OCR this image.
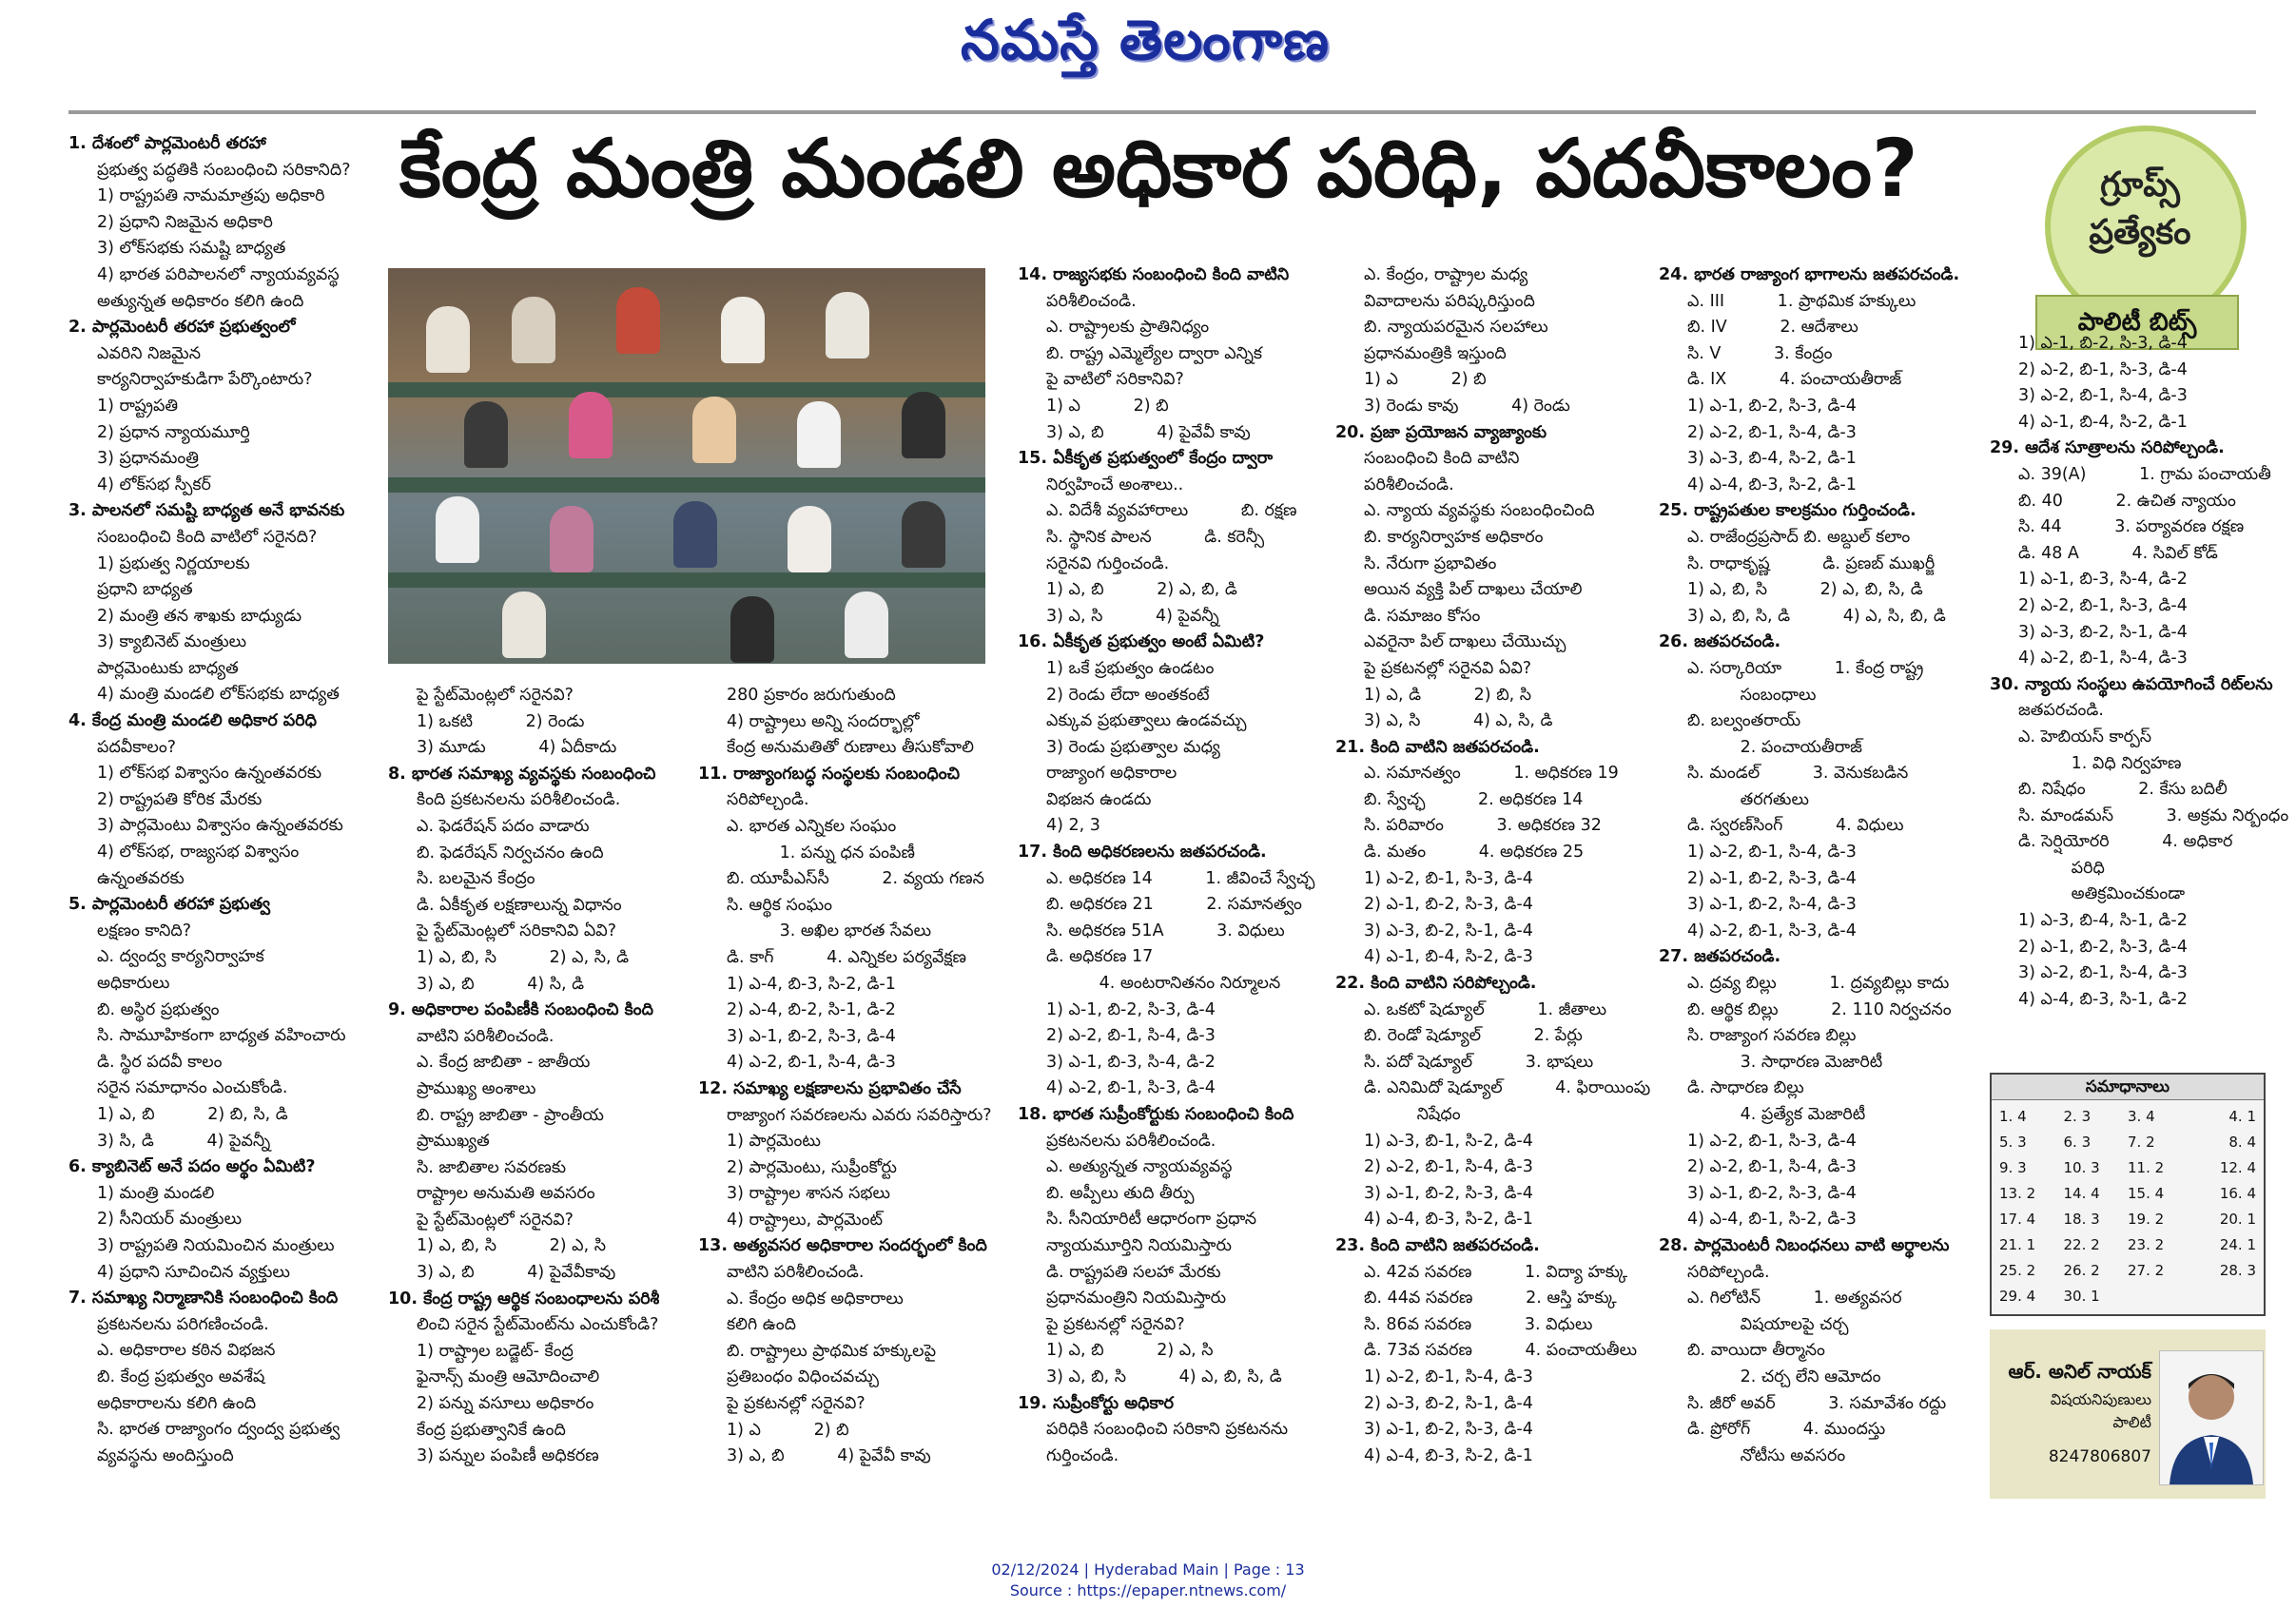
నమస్తే తెలంగాణ
కేంద్ర మంత్రి మండలి అధికార పరిధి, పదవీకాలం?	గ్రూప్స్
ప్రత్యేకం
పాలిటీ బిట్స్

1. దేశంలో పార్లమెంటరీ తరహా

ప్రభుత్వ పద్ధతికి సంబంధించి సరికానిది?

1) రాష్ట్రపతి నామమాత్రపు అధికారి

2) ప్రధాని నిజమైన అధికారి

3) లోక్‌సభకు సమష్టి బాధ్యత

4) భారత పరిపాలనలో న్యాయవ్యవస్థ

అత్యున్నత అధికారం కలిగి ఉంది

2. పార్లమెంటరీ తరహా ప్రభుత్వంలో

ఎవరిని నిజమైన

కార్యనిర్వాహకుడిగా పేర్కొంటారు?

1) రాష్ట్రపతి

2) ప్రధాన న్యాయమూర్తి

3) ప్రధానమంత్రి

4) లోక్‌సభ స్పీకర్

3. పాలనలో సమష్టి బాధ్యత అనే భావనకు

సంబంధించి కింది వాటిలో సరైనది?

1) ప్రభుత్వ నిర్ణయాలకు

ప్రధాని బాధ్యత

2) మంత్రి తన శాఖకు బాధ్యుడు

3) క్యాబినెట్ మంత్రులు

పార్లమెంటుకు బాధ్యత

4) మంత్రి మండలి లోక్‌సభకు బాధ్యత

4. కేంద్ర మంత్రి మండలి అధికార పరిధి

పదవీకాలం?

1) లోక్‌సభ విశ్వాసం ఉన్నంతవరకు

2) రాష్ట్రపతి కోరిక మేరకు

3) పార్లమెంటు విశ్వాసం ఉన్నంతవరకు

4) లోక్‌సభ, రాజ్యసభ విశ్వాసం

ఉన్నంతవరకు

5. పార్లమెంటరీ తరహా ప్రభుత్వ

లక్షణం కానిది?

ఎ. ద్వంద్వ కార్యనిర్వాహక

అధికారులు

బి. అస్థిర ప్రభుత్వం

సి. సామూహికంగా బాధ్యత వహించారు

డి. స్థిర పదవీ కాలం

సరైన సమాధానం ఎంచుకోండి.

1) ఎ, బి          2) బి, సి, డి

3) సి, డి          4) పైవన్నీ

6. క్యాబినెట్ అనే పదం అర్థం ఏమిటి?

1) మంత్రి మండలి

2) సీనియర్ మంత్రులు

3) రాష్ట్రపతి నియమించిన మంత్రులు

4) ప్రధాని సూచించిన వ్యక్తులు

7. సమాఖ్య నిర్మాణానికి సంబంధించి కింది

ప్రకటనలను పరిగణించండి.

ఎ. అధికారాల కఠిన విభజన

బి. కేంద్ర ప్రభుత్వం అవశేష

అధికారాలను కలిగి ఉంది

సి. భారత రాజ్యాంగం ద్వంద్వ ప్రభుత్వ

వ్యవస్థను అందిస్తుంది

పై స్టేట్‌మెంట్లలో సరైనవి?

1) ఒకటి          2) రెండు

3) మూడు          4) ఏదీకాదు

8. భారత సమాఖ్య వ్యవస్థకు సంబంధించి

కింది ప్రకటనలను పరిశీలించండి.

ఎ. ఫెడరేషన్ పదం వాడారు

బి. ఫెడరేషన్ నిర్వచనం ఉంది

సి. బలమైన కేంద్రం

డి. ఏకీకృత లక్షణాలున్న విధానం

పై స్టేట్‌మెంట్లలో సరికానివి ఏవి?

1) ఎ, బి, సి          2) ఎ, సి, డి

3) ఎ, బి          4) సి, డి

9. అధికారాల పంపిణీకి సంబంధించి కింది

వాటిని పరిశీలించండి.

ఎ. కేంద్ర జాబితా - జాతీయ

ప్రాముఖ్య అంశాలు

బి. రాష్ట్ర జాబితా - ప్రాంతీయ

ప్రాముఖ్యత

సి. జాబితాల సవరణకు

రాష్ట్రాల అనుమతి అవసరం

పై స్టేట్‌మెంట్లలో సరైనవి?

1) ఎ, బి, సి          2) ఎ, సి

3) ఎ, బి          4) పైవేవీకావు

10. కేంద్ర రాష్ట్ర ఆర్థిక సంబంధాలను పరిశీ

లించి సరైన స్టేట్‌మెంట్‌ను ఎంచుకోండి?

1) రాష్ట్రాల బడ్జెట్- కేంద్ర

ఫైనాన్స్ మంత్రి ఆమోదించాలి

2) పన్ను వసూలు అధికారం

కేంద్ర ప్రభుత్వానికే ఉంది

3) పన్నుల పంపిణీ అధికరణ

280 ప్రకారం జరుగుతుంది

4) రాష్ట్రాలు అన్ని సందర్భాల్లో

కేంద్ర అనుమతితో రుణాలు తీసుకోవాలి

11. రాజ్యాంగబద్ధ సంస్థలకు సంబంధించి

సరిపోల్చండి.

ఎ. భారత ఎన్నికల సంఘం

1. పన్ను ధన పంపిణీ

బి. యూపీఎస్‌సీ          2. వ్యయ గణన

సి. ఆర్థిక సంఘం

3. అఖిల భారత సేవలు

డి. కాగ్          4. ఎన్నికల పర్యవేక్షణ

1) ఎ-4, బి-3, సి-2, డి-1

2) ఎ-4, బి-2, సి-1, డి-2

3) ఎ-1, బి-2, సి-3, డి-4

4) ఎ-2, బి-1, సి-4, డి-3

12. సమాఖ్య లక్షణాలను ప్రభావితం చేసే

రాజ్యాంగ సవరణలను ఎవరు సవరిస్తారు?

1) పార్లమెంటు

2) పార్లమెంటు, సుప్రీంకోర్టు

3) రాష్ట్రాల శాసన సభలు

4) రాష్ట్రాలు, పార్లమెంట్

13. అత్యవసర అధికారాల సందర్భంలో కింది

వాటిని పరిశీలించండి.

ఎ. కేంద్రం అధిక అధికారాలు

కలిగి ఉంది

బి. రాష్ట్రాలు ప్రాథమిక హక్కులపై

ప్రతిబంధం విధించవచ్చు

పై ప్రకటనల్లో సరైనవి?

1) ఎ          2) బి

3) ఎ, బి          4) పైవేవీ కావు

14. రాజ్యసభకు సంబంధించి కింది వాటిని

పరిశీలించండి.

ఎ. రాష్ట్రాలకు ప్రాతినిధ్యం

బి. రాష్ట్ర ఎమ్మెల్యేల ద్వారా ఎన్నిక

పై వాటిలో సరికానివి?

1) ఎ          2) బి

3) ఎ, బి          4) పైవేవీ కావు

15. ఏకీకృత ప్రభుత్వంలో కేంద్రం ద్వారా

నిర్వహించే అంశాలు..

ఎ. విదేశీ వ్యవహారాలు          బి. రక్షణ

సి. స్థానిక పాలన          డి. కరెన్సీ

సరైనవి గుర్తించండి.

1) ఎ, బి          2) ఎ, బి, డి

3) ఎ, సి          4) పైవన్నీ

16. ఏకీకృత ప్రభుత్వం అంటే ఏమిటి?

1) ఒకే ప్రభుత్వం ఉండటం

2) రెండు లేదా అంతకంటే

ఎక్కువ ప్రభుత్వాలు ఉండవచ్చు

3) రెండు ప్రభుత్వాల మధ్య

రాజ్యాంగ అధికారాల

విభజన ఉండదు

4) 2, 3

17. కింది అధికరణలను జతపరచండి.

ఎ. అధికరణ 14          1. జీవించే స్వేచ్ఛ

బి. అధికరణ 21          2. సమానత్వం

సి. అధికరణ 51A          3. విధులు

డి. అధికరణ 17

4. అంటరానితనం నిర్మూలన

1) ఎ-1, బి-2, సి-3, డి-4

2) ఎ-2, బి-1, సి-4, డి-3

3) ఎ-1, బి-3, సి-4, డి-2

4) ఎ-2, బి-1, సి-3, డి-4

18. భారత సుప్రీంకోర్టుకు సంబంధించి కింది

ప్రకటనలను పరిశీలించండి.

ఎ. అత్యున్నత న్యాయవ్యవస్థ

బి. అప్పీలు తుది తీర్పు

సి. సీనియారిటీ ఆధారంగా ప్రధాన

న్యాయమూర్తిని నియమిస్తారు

డి. రాష్ట్రపతి సలహా మేరకు

ప్రధానమంత్రిని నియమిస్తారు

పై ప్రకటనల్లో సరైనవి?

1) ఎ, బి          2) ఎ, సి

3) ఎ, బి, సి          4) ఎ, బి, సి, డి

19. సుప్రీంకోర్టు అధికార

పరిధికి సంబంధించి సరికాని ప్రకటనను

గుర్తించండి.

ఎ. కేంద్రం, రాష్ట్రాల మధ్య

వివాదాలను పరిష్కరిస్తుంది

బి. న్యాయపరమైన సలహాలు

ప్రధానమంత్రికి ఇస్తుంది

1) ఎ          2) బి

3) రెండు కావు          4) రెండు

20. ప్రజా ప్రయోజన వ్యాజ్యాంకు

సంబంధించి కింది వాటిని

పరిశీలించండి.

ఎ. న్యాయ వ్యవస్థకు సంబంధించింది

బి. కార్యనిర్వాహక అధికారం

సి. నేరుగా ప్రభావితం

అయిన వ్యక్తి పిల్ దాఖలు చేయాలి

డి. సమాజం కోసం

ఎవరైనా పిల్ దాఖలు చేయొచ్చు

పై ప్రకటనల్లో సరైనవి ఏవి?

1) ఎ, డి          2) బి, సి

3) ఎ, సి          4) ఎ, సి, డి

21. కింది వాటిని జతపరచండి.

ఎ. సమానత్వం          1. అధికరణ 19

బి. స్వేచ్ఛ          2. అధికరణ 14

సి. పరివారం          3. అధికరణ 32

డి. మతం          4. అధికరణ 25

1) ఎ-2, బి-1, సి-3, డి-4

2) ఎ-1, బి-2, సి-3, డి-4

3) ఎ-3, బి-2, సి-1, డి-4

4) ఎ-1, బి-4, సి-2, డి-3

22. కింది వాటిని సరిపోల్చండి.

ఎ. ఒకటో షెడ్యూల్          1. జీతాలు

బి. రెండో షెడ్యూల్          2. పేర్లు

సి. పదో షెడ్యూల్          3. భాషలు

డి. ఎనిమిదో షెడ్యూల్          4. ఫిరాయింపు

నిషేధం

1) ఎ-3, బి-1, సి-2, డి-4

2) ఎ-2, బి-1, సి-4, డి-3

3) ఎ-1, బి-2, సి-3, డి-4

4) ఎ-4, బి-3, సి-2, డి-1

23. కింది వాటిని జతపరచండి.

ఎ. 42వ సవరణ          1. విద్యా హక్కు

బి. 44వ సవరణ          2. ఆస్తి హక్కు

సి. 86వ సవరణ          3. విధులు

డి. 73వ సవరణ          4. పంచాయతీలు

1) ఎ-2, బి-1, సి-4, డి-3

2) ఎ-3, బి-2, సి-1, డి-4

3) ఎ-1, బి-2, సి-3, డి-4

4) ఎ-4, బి-3, సి-2, డి-1

24. భారత రాజ్యాంగ భాగాలను జతపరచండి.

ఎ. III          1. ప్రాథమిక హక్కులు

బి. IV          2. ఆదేశాలు

సి. V          3. కేంద్రం

డి. IX          4. పంచాయతీరాజ్

1) ఎ-1, బి-2, సి-3, డి-4

2) ఎ-2, బి-1, సి-4, డి-3

3) ఎ-3, బి-4, సి-2, డి-1

4) ఎ-4, బి-3, సి-2, డి-1

25. రాష్ట్రపతుల కాలక్రమం గుర్తించండి.

ఎ. రాజేంద్రప్రసాద్ బి. అబ్దుల్ కలాం

సి. రాధాకృష్ణ          డి. ప్రణబ్ ముఖర్జీ

1) ఎ, బి, సి          2) ఎ, బి, సి, డి

3) ఎ, బి, సి, డి          4) ఎ, సి, బి, డి

26. జతపరచండి.

ఎ. సర్కారియా          1. కేంద్ర రాష్ట్ర

సంబంధాలు

బి. బల్వంతరాయ్

2. పంచాయతీరాజ్

సి. మండల్          3. వెనుకబడిన

తరగతులు

డి. స్వరణ్‌సింగ్          4. విధులు

1) ఎ-2, బి-1, సి-4, డి-3

2) ఎ-1, బి-2, సి-3, డి-4

3) ఎ-1, బి-2, సి-4, డి-3

4) ఎ-2, బి-1, సి-3, డి-4

27. జతపరచండి.

ఎ. ద్రవ్య బిల్లు          1. ద్రవ్యబిల్లు కాదు

బి. ఆర్థిక బిల్లు          2. 110 నిర్వచనం

సి. రాజ్యాంగ సవరణ బిల్లు

3. సాధారణ మెజారిటీ

డి. సాధారణ బిల్లు

4. ప్రత్యేక మెజారిటీ

1) ఎ-2, బి-1, సి-3, డి-4

2) ఎ-2, బి-1, సి-4, డి-3

3) ఎ-1, బి-2, సి-3, డి-4

4) ఎ-4, బి-1, సి-2, డి-3

28. పార్లమెంటరీ నిబంధనలు వాటి అర్థాలను

సరిపోల్చండి.

ఎ. గిలోటిన్          1. అత్యవసర

విషయాలపై చర్చ

బి. వాయిదా తీర్మానం

2. చర్చ లేని ఆమోదం

సి. జీరో అవర్          3. సమావేశం రద్దు

డి. ప్రోరోగ్          4. ముందస్తు

నోటీసు అవసరం

1) ఎ-1, బి-2, సి-3, డి-4

2) ఎ-2, బి-1, సి-3, డి-4

3) ఎ-2, బి-1, సి-4, డి-3

4) ఎ-1, బి-4, సి-2, డి-1

29. ఆదేశ సూత్రాలను సరిపోల్చండి.

ఎ. 39(A)          1. గ్రామ పంచాయతీ

బి. 40          2. ఉచిత న్యాయం

సి. 44          3. పర్యావరణ రక్షణ

డి. 48 A          4. సివిల్ కోడ్

1) ఎ-1, బి-3, సి-4, డి-2

2) ఎ-2, బి-1, సి-3, డి-4

3) ఎ-3, బి-2, సి-1, డి-4

4) ఎ-2, బి-1, సి-4, డి-3

30. న్యాయ సంస్థలు ఉపయోగించే రిట్‌లను

జతపరచండి.

ఎ. హెబియస్ కార్పస్

1. విధి నిర్వహణ

బి. నిషేధం          2. కేసు బదిలీ

సి. మాండమస్          3. అక్రమ నిర్బంధం

డి. సెర్షియోరరి          4. అధికార

పరిధి

అతిక్రమించకుండా

1) ఎ-3, బి-4, సి-1, డి-2

2) ఎ-1, బి-2, సి-3, డి-4

3) ఎ-2, బి-1, సి-4, డి-3

4) ఎ-4, బి-3, సి-1, డి-2

సమాధానాలు
1. 4	2. 3	3. 4	4. 1
5. 3	6. 3	7. 2	8. 4
9. 3	10. 3	11. 2	12. 4
13. 2	14. 4	15. 4	16. 4
17. 4	18. 3	19. 2	20. 1
21. 1	22. 2	23. 2	24. 1
25. 2	26. 2	27. 2	28. 3
29. 4	30. 1
ఆర్. అనిల్ నాయక్
విషయనిపుణులు
పాలిటీ
8247806807
02/12/2024 | Hyderabad Main | Page : 13
Source : https://epaper.ntnews.com/
